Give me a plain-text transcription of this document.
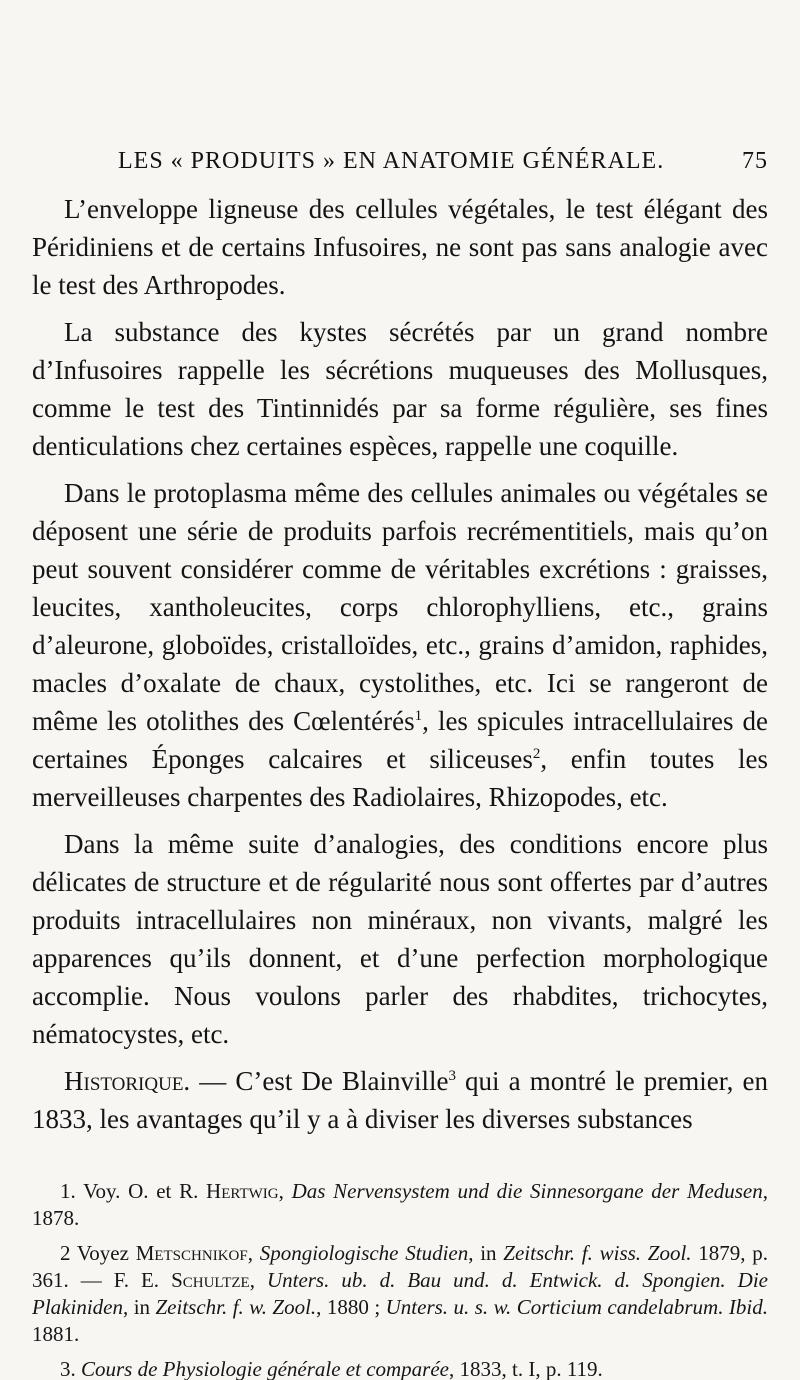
LES « PRODUITS » EN ANATOMIE GÉNÉRALE.	75

L’enveloppe ligneuse des cellules végétales, le test élégant des Péridiniens et de certains Infusoires, ne sont pas sans analogie avec le test des Arthropodes.

La substance des kystes sécrétés par un grand nombre d’Infusoires rappelle les sécrétions muqueuses des Mollusques, comme le test des Tintinnidés par sa forme régulière, ses fines denticulations chez certaines espèces, rappelle une coquille.

Dans le protoplasma même des cellules animales ou végétales se déposent une série de produits parfois recrémentitiels, mais qu’on peut souvent considérer comme de véritables excrétions : graisses, leucites, xantholeucites, corps chlorophylliens, etc., grains d’aleurone, globoïdes, cristalloïdes, etc., grains d’amidon, raphides, macles d’oxalate de chaux, cystolithes, etc. Ici se rangeront de même les otolithes des Cœlentérés$^1$, les spicules intracellulaires de certaines Éponges calcaires et siliceuses$^2$, enfin toutes les merveilleuses charpentes des Radiolaires, Rhizopodes, etc.

Dans la même suite d’analogies, des conditions encore plus délicates de structure et de régularité nous sont offertes par d’autres produits intracellulaires non minéraux, non vivants, malgré les apparences qu’ils donnent, et d’une perfection morphologique accomplie. Nous voulons parler des rhabdites, trichocytes, nématocystes, etc.

Historique. — C’est De Blainville$^3$ qui a montré le premier, en 1833, les avantages qu’il y a à diviser les diverses substances

1. Voy. O. et R. Hertwig, Das Nervensystem und die Sinnesorgane der Medusen, 1878.

2 Voyez Metschnikof, Spongiologische Studien, in Zeitschr. f. wiss. Zool. 1879, p. 361. — F. E. Schultze, Unters. ub. d. Bau und. d. Entwick. d. Spongien. Die Plakiniden, in Zeitschr. f. w. Zool., 1880 ; Unters. u. s. w. Corticium candelabrum. Ibid. 1881.

3. Cours de Physiologie générale et comparée, 1833, t. I, p. 119.
